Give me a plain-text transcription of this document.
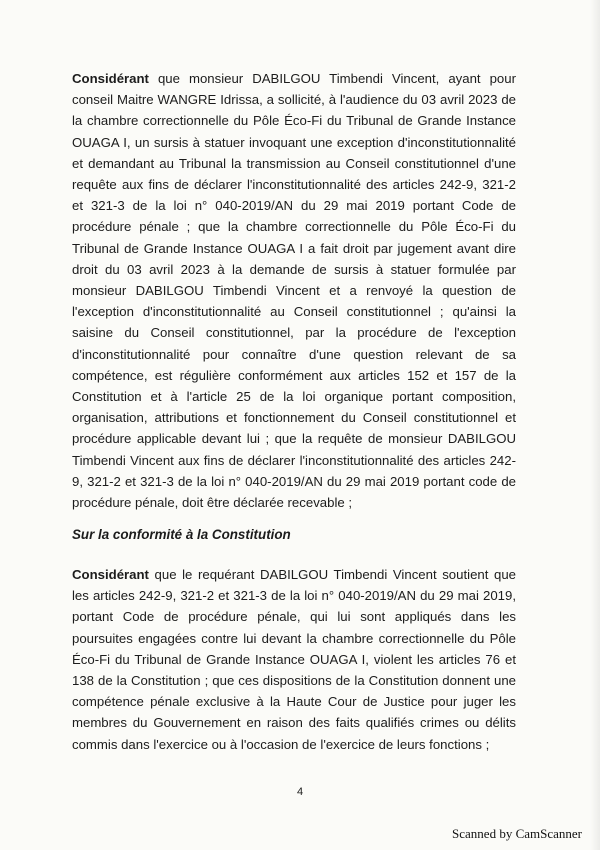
Considérant que monsieur DABILGOU Timbendi Vincent, ayant pour conseil Maitre WANGRE Idrissa, a sollicité, à l'audience du 03 avril 2023 de la chambre correctionnelle du Pôle Éco-Fi du Tribunal de Grande Instance OUAGA I, un sursis à statuer invoquant une exception d'inconstitutionnalité et demandant au Tribunal la transmission au Conseil constitutionnel d'une requête aux fins de déclarer l'inconstitutionnalité des articles 242-9, 321-2 et 321-3 de la loi n° 040-2019/AN du 29 mai 2019 portant Code de procédure pénale ; que la chambre correctionnelle du Pôle Éco-Fi du Tribunal de Grande Instance OUAGA I a fait droit par jugement avant dire droit du 03 avril 2023 à la demande de sursis à statuer formulée par monsieur DABILGOU Timbendi Vincent et a renvoyé la question de l'exception d'inconstitutionnalité au Conseil constitutionnel ; qu'ainsi la saisine du Conseil constitutionnel, par la procédure de l'exception d'inconstitutionnalité pour connaître d'une question relevant de sa compétence, est régulière conformément aux articles 152 et 157 de la Constitution et à l'article 25 de la loi organique portant composition, organisation, attributions et fonctionnement du Conseil constitutionnel et procédure applicable devant lui ; que la requête de monsieur DABILGOU Timbendi Vincent aux fins de déclarer l'inconstitutionnalité des articles 242-9, 321-2 et 321-3 de la loi n° 040-2019/AN du 29 mai 2019 portant code de procédure pénale, doit être déclarée recevable ;

Sur la conformité à la Constitution

Considérant que le requérant DABILGOU Timbendi Vincent soutient que les articles 242-9, 321-2 et 321-3 de la loi n° 040-2019/AN du 29 mai 2019, portant Code de procédure pénale, qui lui sont appliqués dans les poursuites engagées contre lui devant la chambre correctionnelle du Pôle Éco-Fi du Tribunal de Grande Instance OUAGA I, violent les articles 76 et 138 de la Constitution ; que ces dispositions de la Constitution donnent une compétence pénale exclusive à la Haute Cour de Justice pour juger les membres du Gouvernement en raison des faits qualifiés crimes ou délits commis dans l'exercice ou à l'occasion de l'exercice de leurs fonctions ;

4
Scanned by CamScanner
